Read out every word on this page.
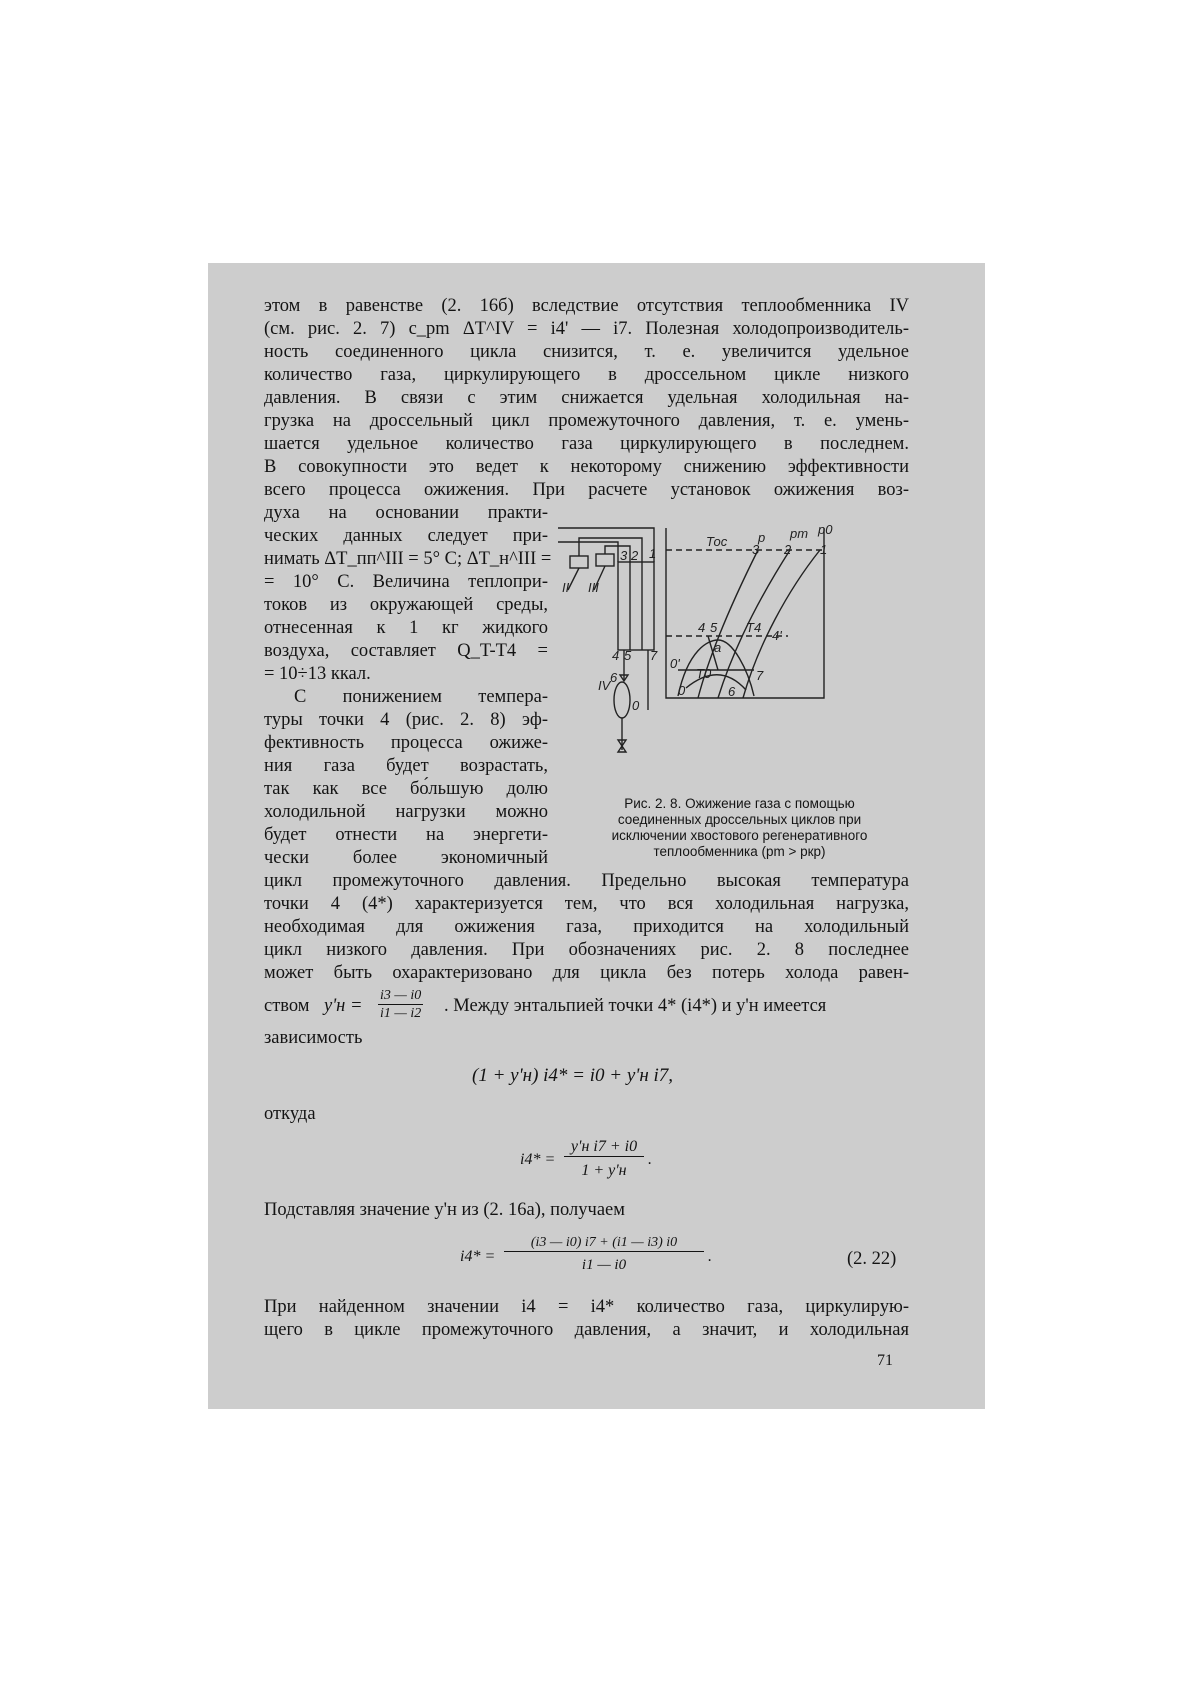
этом в равенстве (2. 16б) вследствие отсутствия теплообменника IV
(см. рис. 2. 7) c_pm ΔT^IV = i4' — i7. Полезная холодопроизводитель-
ность соединенного цикла снизится, т. е. увеличится удельное
количество газа, циркулирующего в дроссельном цикле низкого
давления. В связи с этим снижается удельная холодильная на-
грузка на дроссельный цикл промежуточного давления, т. е. умень-
шается удельное количество газа циркулирующего в последнем.
В совокупности это ведет к некоторому снижению эффективности
всего процесса ожижения. При расчете установок ожижения воз-
духа на основании практи-
ческих данных следует при-
нимать ΔT_пп^III = 5° C; ΔT_н^III =
= 10° C. Величина теплопри-
токов из окружающей среды,
отнесенная к 1 кг жидкого
воздуха, составляет Q_T-T4 =
= 10÷13 ккал.
С понижением темпера-
туры точки 4 (рис. 2. 8) эф-
фективность процесса ожиже-
ния газа будет возрастать,
так как все бо́льшую долю
холодильной нагрузки можно
будет отнести на энергети-
чески более экономичный
II III
IV
1
2
3
4 5
6
7
0
Тос p pm p0
T4
T0
a
3 2 1
4'
4 5
0'
0	6
7
Рис. 2. 8. Ожижение газа с помощью
соединенных дроссельных циклов при
исключении хвостового регенеративного
теплообменника (pm > pкр)
цикл промежуточного давления. Предельно высокая температура
точки 4 (4*) характеризуется тем, что вся холодильная нагрузка,
необходимая для ожижения газа, приходится на холодильный
цикл низкого давления. При обозначениях рис. 2. 8 последнее
может быть охарактеризовано для цикла без потерь холода равен-
ством y'н =
i3 — i0
i1 — i2 . Между энтальпией точки 4* (i4*) и y'н имеется
зависимость
(1 + y'н) i4* = i0 + y'н i7,
откуда
i4* =
y'н i7 + i0
1 + y'н
.
Подставляя значение y'н из (2. 16а), получаем
i4* =
(i3 — i0) i7 + (i1 — i3) i0
i1 — i0	.	(2. 22)
При найденном значении i4 = i4* количество газа, циркулирую-
щего в цикле промежуточного давления, а значит, и холодильная
71
